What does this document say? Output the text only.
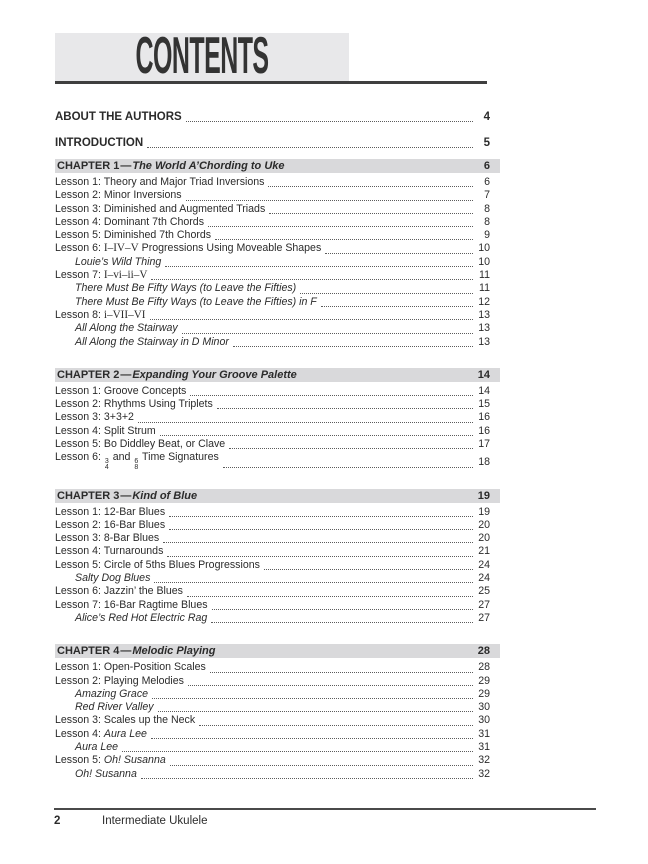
CONTENTS
ABOUT THE AUTHORS	4
INTRODUCTION	5
CHAPTER 1 — The World A’Chording to Uke	6
Lesson 1: Theory and Major Triad Inversions	6
Lesson 2: Minor Inversions	7
Lesson 3: Diminished and Augmented Triads	8
Lesson 4: Dominant 7th Chords	8
Lesson 5: Diminished 7th Chords	9
Lesson 6: I–IV–V Progressions Using Moveable Shapes	10
Louie’s Wild Thing	10
Lesson 7: I–vi–ii–V	11
There Must Be Fifty Ways (to Leave the Fifties)	11
There Must Be Fifty Ways (to Leave the Fifties) in F	12
Lesson 8: i–VII–VI	13
All Along the Stairway	13
All Along the Stairway in D Minor	13
CHAPTER 2 — Expanding Your Groove Palette	14
Lesson 1: Groove Concepts	14
Lesson 2: Rhythms Using Triplets	15
Lesson 3: 3+3+2	16
Lesson 4: Split Strum	16
Lesson 5: Bo Diddley Beat, or Clave	17
Lesson 6: 3
4
and 6
8
Time Signatures	18
CHAPTER 3 — Kind of Blue	19
Lesson 1: 12-Bar Blues	19
Lesson 2: 16-Bar Blues	20
Lesson 3: 8-Bar Blues	20
Lesson 4: Turnarounds	21
Lesson 5: Circle of 5ths Blues Progressions	24
Salty Dog Blues	24
Lesson 6: Jazzin’ the Blues	25
Lesson 7: 16-Bar Ragtime Blues	27
Alice’s Red Hot Electric Rag	27
CHAPTER 4 — Melodic Playing	28
Lesson 1: Open-Position Scales	28
Lesson 2: Playing Melodies	29
Amazing Grace	29
Red River Valley	30
Lesson 3: Scales up the Neck	30
Lesson 4: Aura Lee	31
Aura Lee	31
Lesson 5: Oh! Susanna	32
Oh! Susanna	32
2	Intermediate Ukulele
